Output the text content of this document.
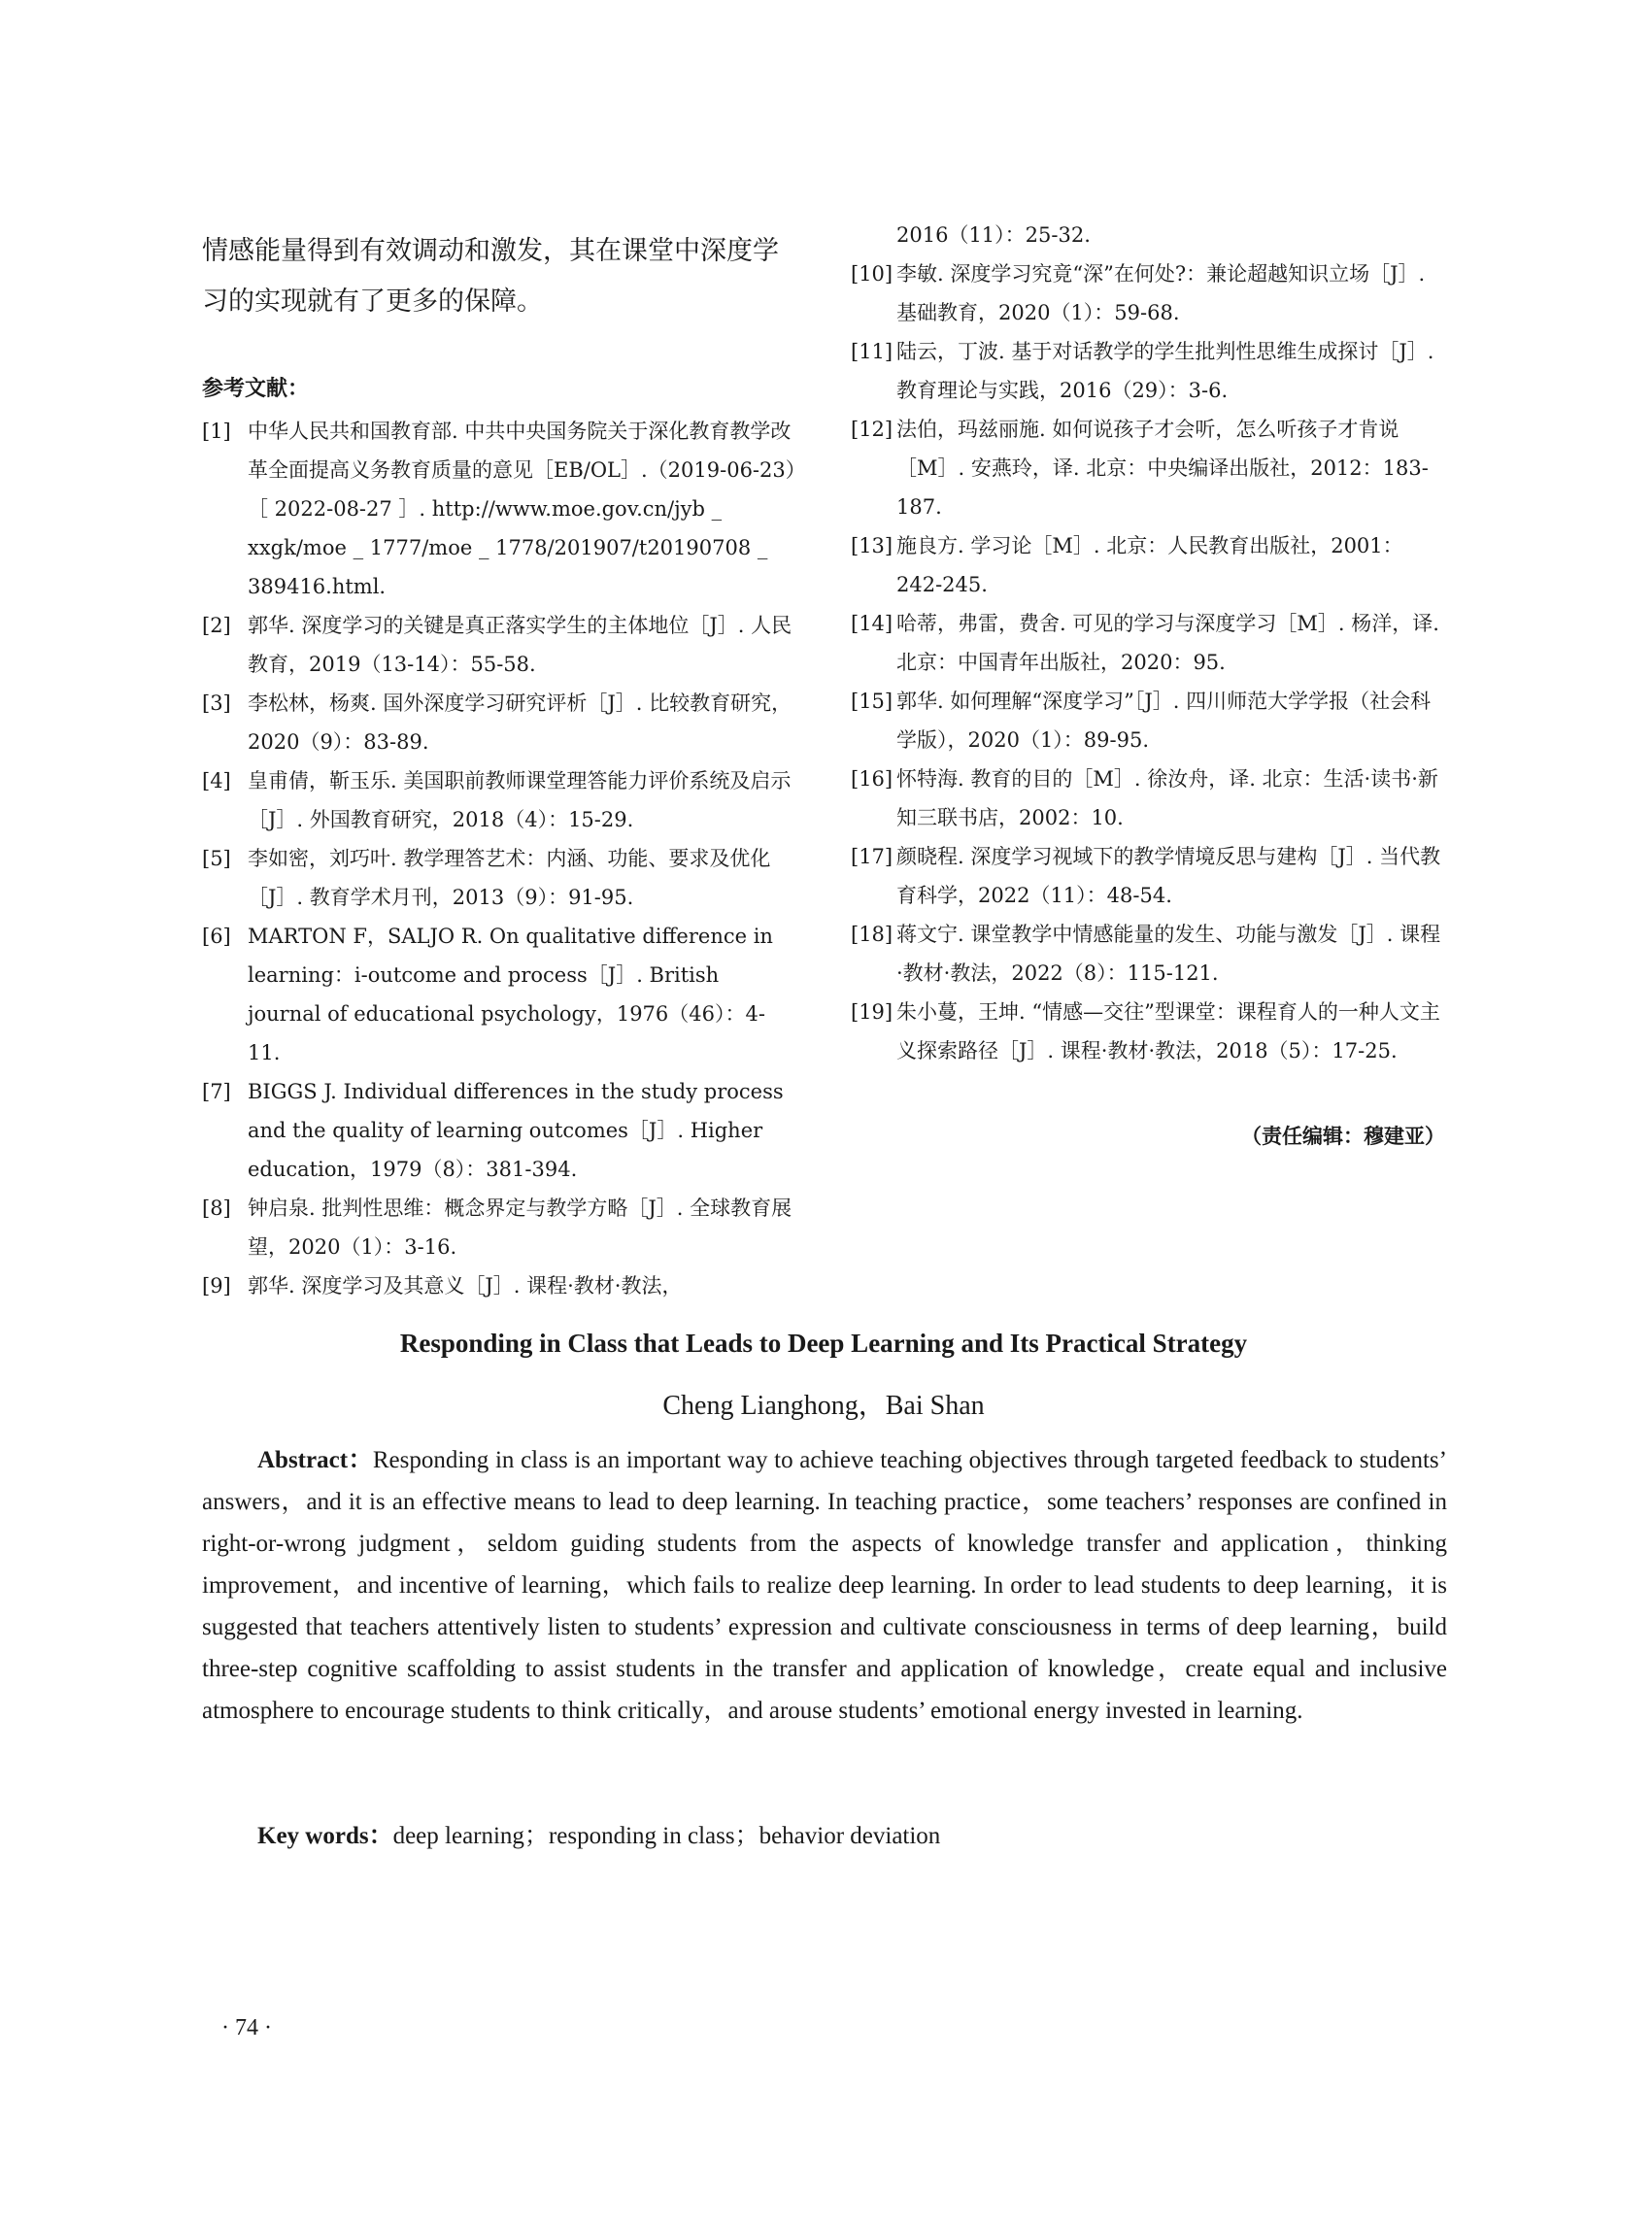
情感能量得到有效调动和激发，其在课堂中深度学习的实现就有了更多的保障。

参考文献：

[1] 中华人民共和国教育部. 中共中央国务院关于深化教育教学改革全面提高义务教育质量的意见［EB/OL］.（2019-06-23）［ 2022-08-27 ］. http://www.moe.gov.cn/jyb _ xxgk/moe _ 1777/moe _ 1778/201907/t20190708 _ 389416.html.

[2] 郭华. 深度学习的关键是真正落实学生的主体地位［J］. 人民教育，2019（13-14）：55-58.

[3] 李松林，杨爽. 国外深度学习研究评析［J］. 比较教育研究，2020（9）：83-89.

[4] 皇甫倩，靳玉乐. 美国职前教师课堂理答能力评价系统及启示［J］. 外国教育研究，2018（4）：15-29.

[5] 李如密，刘巧叶. 教学理答艺术：内涵、功能、要求及优化［J］. 教育学术月刊，2013（9）：91-95.

[6] MARTON F，SALJO R. On qualitative difference in learning：i-outcome and process［J］. British journal of educational psychology，1976（46）：4-11.

[7] BIGGS J. Individual differences in the study process and the quality of learning outcomes［J］. Higher education，1979（8）：381-394.

[8] 钟启泉. 批判性思维：概念界定与教学方略［J］. 全球教育展望，2020（1）：3-16.

[9] 郭华. 深度学习及其意义［J］. 课程·教材·教法，

2016（11）：25-32.

[10] 李敏. 深度学习究竟“深”在何处?：兼论超越知识立场［J］. 基础教育，2020（1）：59-68.

[11] 陆云，丁波. 基于对话教学的学生批判性思维生成探讨［J］. 教育理论与实践，2016（29）：3-6.

[12] 法伯，玛兹丽施. 如何说孩子才会听，怎么听孩子才肯说［M］. 安燕玲，译. 北京：中央编译出版社，2012：183-187.

[13] 施良方. 学习论［M］. 北京：人民教育出版社，2001：242-245.

[14] 哈蒂，弗雷，费舍. 可见的学习与深度学习［M］. 杨洋，译. 北京：中国青年出版社，2020：95.

[15] 郭华. 如何理解“深度学习”［J］. 四川师范大学学报（社会科学版），2020（1）：89-95.

[16] 怀特海. 教育的目的［M］. 徐汝舟，译. 北京：生活·读书·新知三联书店，2002：10.

[17] 颜晓程. 深度学习视域下的教学情境反思与建构［J］. 当代教育科学，2022（11）：48-54.

[18] 蒋文宁. 课堂教学中情感能量的发生、功能与激发［J］. 课程·教材·教法，2022（8）：115-121.

[19] 朱小蔓，王坤. “情感—交往”型课堂：课程育人的一种人文主义探索路径［J］. 课程·教材·教法，2018（5）：17-25.

（责任编辑：穆建亚）
Responding in Class that Leads to Deep Learning and Its Practical Strategy
Cheng Lianghong，Bai Shan

Abstract：Responding in class is an important way to achieve teaching objectives through targeted feedback to students’ answers，and it is an effective means to lead to deep learning. In teaching practice，some teachers’ responses are confined in right-or-wrong judgment，seldom guiding students from the aspects of knowledge transfer and application，thinking improvement，and incentive of learning，which fails to realize deep learning. In order to lead students to deep learning，it is suggested that teachers attentively listen to students’ expression and cultivate consciousness in terms of deep learning，build three-step cognitive scaffolding to assist students in the transfer and application of knowledge，create equal and inclusive atmosphere to encourage students to think critically，and arouse students’ emotional energy invested in learning.

Key words：deep learning；responding in class；behavior deviation

· 74 ·
